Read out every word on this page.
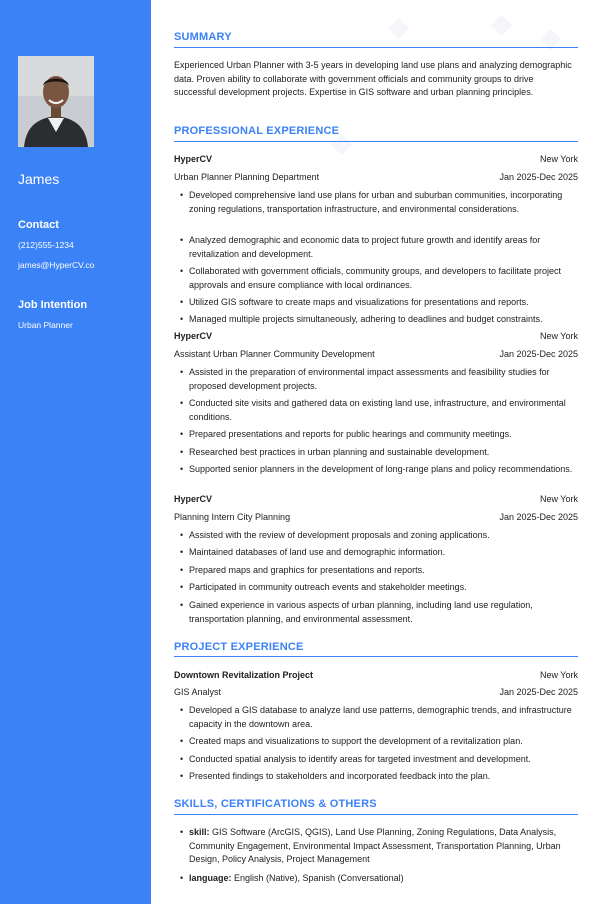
James
Contact
(212)555-1234
james@HyperCV.co
Job Intention
Urban Planner
SUMMARY
Experienced Urban Planner with 3-5 years in developing land use plans and analyzing demographic data. Proven ability to collaborate with government officials and community groups to drive successful development projects. Expertise in GIS software and urban planning principles.
PROFESSIONAL EXPERIENCE
HyperCV	New York
Urban Planner Planning Department	Jan 2025-Dec 2025
• Developed comprehensive land use plans for urban and suburban communities, incorporating zoning regulations, transportation infrastructure, and environmental considerations.
• Analyzed demographic and economic data to project future growth and identify areas for revitalization and development.
• Collaborated with government officials, community groups, and developers to facilitate project approvals and ensure compliance with local ordinances.
• Utilized GIS software to create maps and visualizations for presentations and reports.
• Managed multiple projects simultaneously, adhering to deadlines and budget constraints.
HyperCV	New York
Assistant Urban Planner Community Development	Jan 2025-Dec 2025
• Assisted in the preparation of environmental impact assessments and feasibility studies for proposed development projects.
• Conducted site visits and gathered data on existing land use, infrastructure, and environmental conditions.
• Prepared presentations and reports for public hearings and community meetings.
• Researched best practices in urban planning and sustainable development.
• Supported senior planners in the development of long-range plans and policy recommendations.
HyperCV	New York
Planning Intern City Planning	Jan 2025-Dec 2025
• Assisted with the review of development proposals and zoning applications.
• Maintained databases of land use and demographic information.
• Prepared maps and graphics for presentations and reports.
• Participated in community outreach events and stakeholder meetings.
• Gained experience in various aspects of urban planning, including land use regulation, transportation planning, and environmental assessment.
PROJECT EXPERIENCE
Downtown Revitalization Project	New York
GIS Analyst	Jan 2025-Dec 2025
• Developed a GIS database to analyze land use patterns, demographic trends, and infrastructure capacity in the downtown area.
• Created maps and visualizations to support the development of a revitalization plan.
• Conducted spatial analysis to identify areas for targeted investment and development.
• Presented findings to stakeholders and incorporated feedback into the plan.
SKILLS, CERTIFICATIONS & OTHERS
• skill: GIS Software (ArcGIS, QGIS), Land Use Planning, Zoning Regulations, Data Analysis, Community Engagement, Environmental Impact Assessment, Transportation Planning, Urban Design, Policy Analysis, Project Management
• language: English (Native), Spanish (Conversational)
